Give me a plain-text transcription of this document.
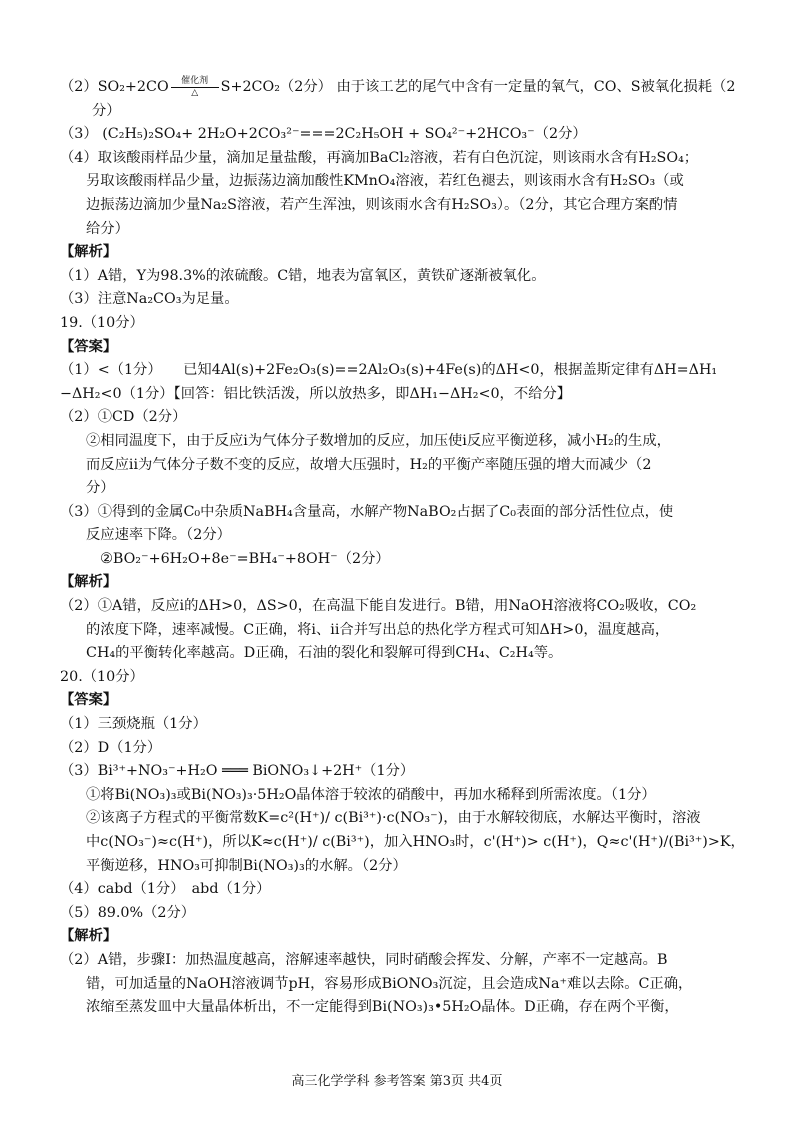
（2）SO₂+2CO	催化剂
△	S+2CO₂（2分） 由于该工艺的尾气中含有一定量的氧气，CO、S被氧化损耗（2
分）
（3） (C₂H₅)₂SO₄+ 2H₂O+2CO₃²⁻===2C₂H₅OH + SO₄²⁻+2HCO₃⁻（2分）
（4）取该酸雨样品少量，滴加足量盐酸，再滴加BaCl₂溶液，若有白色沉淀，则该雨水含有H₂SO₄；
另取该酸雨样品少量，边振荡边滴加酸性KMnO₄溶液，若红色褪去，则该雨水含有H₂SO₃（或
边振荡边滴加少量Na₂S溶液，若产生浑浊，则该雨水含有H₂SO₃）。（2分，其它合理方案酌情
给分）
【解析】
（1）A错，Y为98.3%的浓硫酸。C错，地表为富氧区，黄铁矿逐渐被氧化。
（3）注意Na₂CO₃为足量。
19.（10分）
【答案】
（1）<（1分）　　已知4Al(s)+2Fe₂O₃(s)==2Al₂O₃(s)+4Fe(s)的ΔH<0，根据盖斯定律有ΔH=ΔH₁
−ΔH₂<0（1分）【回答：铝比铁活泼，所以放热多，即ΔH₁−ΔH₂<0，不给分】
（2）①CD（2分）
②相同温度下，由于反应i为气体分子数增加的反应，加压使i反应平衡逆移，减小H₂的生成，
而反应ii为气体分子数不变的反应，故增大压强时，H₂的平衡产率随压强的增大而减少（2
分）
（3）①得到的金属C₀中杂质NaBH₄含量高，水解产物NaBO₂占据了C₀表面的部分活性位点，使
反应速率下降。（2分）
②BO₂⁻+6H₂O+8e⁻=BH₄⁻+8OH⁻（2分）
【解析】
（2）①A错，反应i的ΔH>0，ΔS>0，在高温下能自发进行。B错，用NaOH溶液将CO₂吸收，CO₂
的浓度下降，速率减慢。C正确，将i、ii合并写出总的热化学方程式可知ΔH>0，温度越高，
CH₄的平衡转化率越高。D正确，石油的裂化和裂解可得到CH₄、C₂H₄等。
20.（10分）
【答案】
（1）三颈烧瓶（1分）
（2）D（1分）
（3）Bi³⁺+NO₃⁻+H₂O ═══ BiONO₃↓+2H⁺（1分）
①将Bi(NO₃)₃或Bi(NO₃)₃·5H₂O晶体溶于较浓的硝酸中，再加水稀释到所需浓度。（1分）
②该离子方程式的平衡常数K=c²(H⁺)/ c(Bi³⁺)·c(NO₃⁻)，由于水解较彻底，水解达平衡时，溶液
中c(NO₃⁻)≈c(H⁺)，所以K≈c(H⁺)/ c(Bi³⁺)，加入HNO₃时，c'(H⁺)> c(H⁺)，Q≈c'(H⁺)/(Bi³⁺)>K，
平衡逆移，HNO₃可抑制Bi(NO₃)₃的水解。（2分）
（4）cabd（1分）　abd（1分）
（5）89.0%（2分）
【解析】
（2）A错，步骤Ⅰ：加热温度越高，溶解速率越快，同时硝酸会挥发、分解，产率不一定越高。B
错，可加适量的NaOH溶液调节pH，容易形成BiONO₃沉淀，且会造成Na⁺难以去除。C正确，
浓缩至蒸发皿中大量晶体析出，不一定能得到Bi(NO₃)₃•5H₂O晶体。D正确，存在两个平衡，
高三化学学科 参考答案 第3页 共4页
